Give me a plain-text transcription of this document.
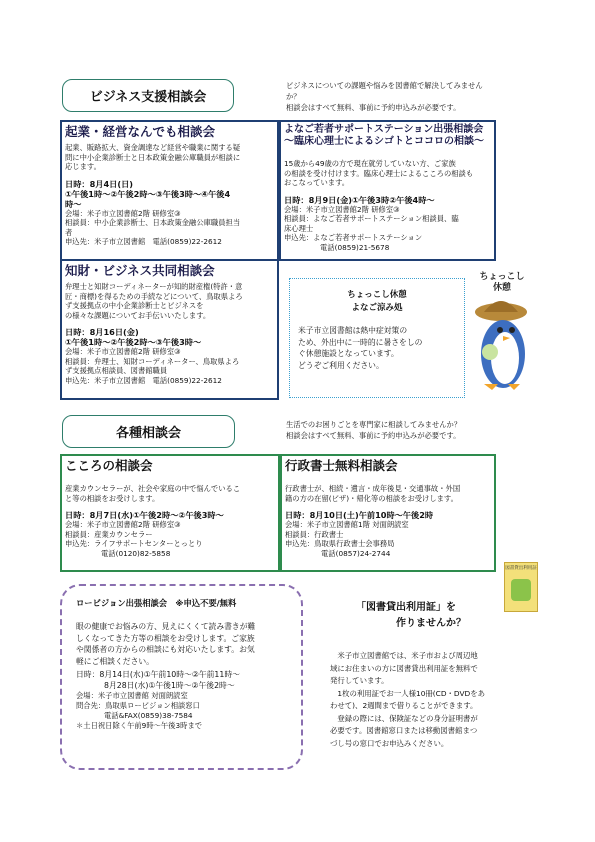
ビジネス支援相談会
ビジネスについての課題や悩みを図書館で解決してみません
か？
相談会はすべて無料、事前に予約申込みが必要です。
起業・経営なんでも相談会
起業、販路拡大、資金調達など経営や職業に関する疑
問に中小企業診断士と日本政策金融公庫職員が相談に
応じます。
日時：8月4日(日)
①午後1時～②午後2時～③午後3時～④午後4
時～
会場：米子市立図書館2階 研修室③
相談員：中小企業診断士、日本政策金融公庫職員担当
者
申込先：米子市立図書館　電話(0859)22-2612
よなご若者サポートステーション出張相談会
～臨床心理士によるシゴトとココロの相談～
15歳から49歳の方で現在就労していない方、ご家族
の相談を受け付けます。臨床心理士によるこころの相談も
おこなっています。
日時：8月9日(金)①午後3時②午後4時～
会場：米子市立図書館2階 研修室③
相談員：よなご若者サポートステーション相談員、臨
床心理士
申込先：よなご若者サポートステーション
電話(0859)21-5678
知財・ビジネス共同相談会
弁理士と知財コーディネーターが知的財産権(特許・意
匠・商標)を得るための手続などについて、鳥取県よろ
ず支援拠点の中小企業診断士とビジネスを
の様々な課題についてお手伝いいたします。
日時：8月16日(金)
①午後1時～②午後2時～③午後3時～
会場：米子市立図書館2階 研修室③
相談員：弁理士、知財コーディネーター、鳥取県よろ
ず支援拠点相談員、図書館職員
申込先：米子市立図書館　電話(0859)22-2612
ちょっこし休憩
よなご涼み処
米子市立図書館は熱中症対策の
ため、外出中に一時的に暑さをしの
ぐ休憩施設となっています。
どうぞご利用ください。
ちょっこし
休憩
各種相談会
生活でのお困りごとを専門家に相談してみませんか？
相談会はすべて無料、事前に予約申込みが必要です。
こころの相談会
産業カウンセラーが、社会や家庭の中で悩んでいるこ
と等の相談をお受けします。
日時：8月7日(水)①午後2時～②午後3時～
会場：米子市立図書館2階 研修室③
相談員：産業カウンセラー
申込先：ライフサポートセンターとっとり
電話(0120)82-5858
行政書士無料相談会
行政書士が、相続・遺言・成年後見・交通事故・外国
籍の方の在留(ビザ)・帰化等の相談をお受けします。
日時：8月10日(土)午前10時～午後2時
会場：米子市立図書館1階 対面朗読室
相談員：行政書士
申込先：鳥取県行政書士会事務局
電話(0857)24-2744
ロービジョン出張相談会　※申込不要/無料
眼の健康でお悩みの方、見えにくくて読み書きが難
しくなってきた方等の相談をお受けします。ご家族
や関係者の方からの相談にも対応いたします。お気
軽にご相談ください。
日時：8月14日(水)①午前10時～②午前11時～
8月28日(水)①午後1時～②午後2時～
会場：米子市立図書館 対面朗読室
問合先：鳥取県ロービジョン相談窓口
電話&FAX(0859)38-7584
＊土日祝日除く午前9時～午後3時まで
図書貸出利用証
「図書貸出利用証」を
　　　　作りませんか？
　米子市立図書館では、米子市および周辺地
域にお住まいの方に図書貸出利用証を無料で
発行しています。
　1枚の利用証でお一人様10冊(CD・DVDをあ
わせて)、2週間まで借りることができます。
　登録の際には、保険証などの身分証明書が
必要です。図書館窓口または移動図書館まつ
づし号の窓口でお申込みください。
